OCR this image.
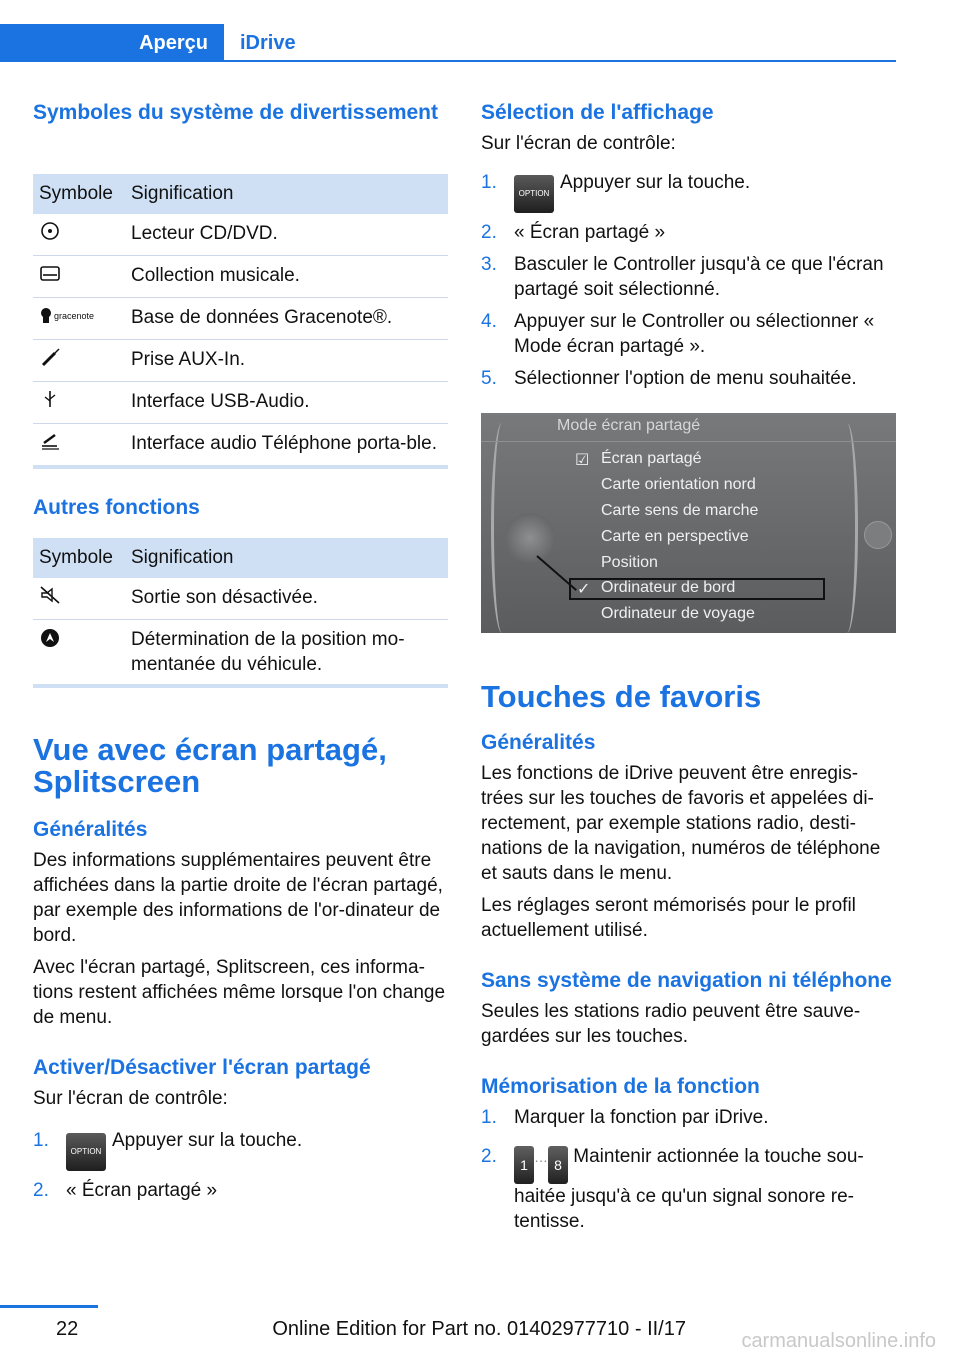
Aperçu	iDrive
Symboles du système de divertissement
Symbole	Signification
	Lecteur CD/DVD.
	Collection musicale.

gracenote	Base de données Gracenote®.
	Prise AUX-In.
	Interface USB-Audio.
	Interface audio Téléphone porta‐ble.
Autres fonctions
Symbole	Signification
	Sortie son désactivée.
	Détermination de la position mo‐mentanée du véhicule.
Vue avec écran partagé, Splitscreen
Généralités
Des informations supplémentaires peuvent être affichées dans la partie droite de l'écran partagé, par exemple des informations de l'or‐dinateur de bord.
Avec l'écran partagé, Splitscreen, ces informa‐tions restent affichées même lorsque l'on change de menu.
Activer/Désactiver l'écran partagé
Sur l'écran de contrôle:
1.
OPTIONAppuyer sur la touche.
2. « Écran partagé »
Sélection de l'affichage
Sur l'écran de contrôle:
1.
OPTIONAppuyer sur la touche.
2. « Écran partagé »
3. Basculer le Controller jusqu'à ce que l'écran partagé soit sélectionné.
4. Appuyer sur le Controller ou sélectionner « Mode écran partagé ».
5. Sélectionner l'option de menu souhaitée.
Mode écran partagé
☑ Écran partagé
Carte orientation nord
Carte sens de marche
Carte en perspective
Position
✓ Ordinateur de bord
Ordinateur de voyage
Touches de favoris
Généralités
Les fonctions de iDrive peuvent être enregis‐trées sur les touches de favoris et appelées di‐rectement, par exemple stations radio, desti‐nations de la navigation, numéros de téléphone et sauts dans le menu.
Les réglages seront mémorisés pour le profil actuellement utilisé.
Sans système de navigation ni téléphone
Seules les stations radio peuvent être sauve‐gardées sur les touches.
Mémorisation de la fonction
1. Marquer la fonction par iDrive.
2. 1 … 8 Maintenir actionnée la touche sou‐haitée jusqu'à ce qu'un signal sonore re‐tentisse.
22	Online Edition for Part no. 01402977710 - II/17
carmanualsonline.info
